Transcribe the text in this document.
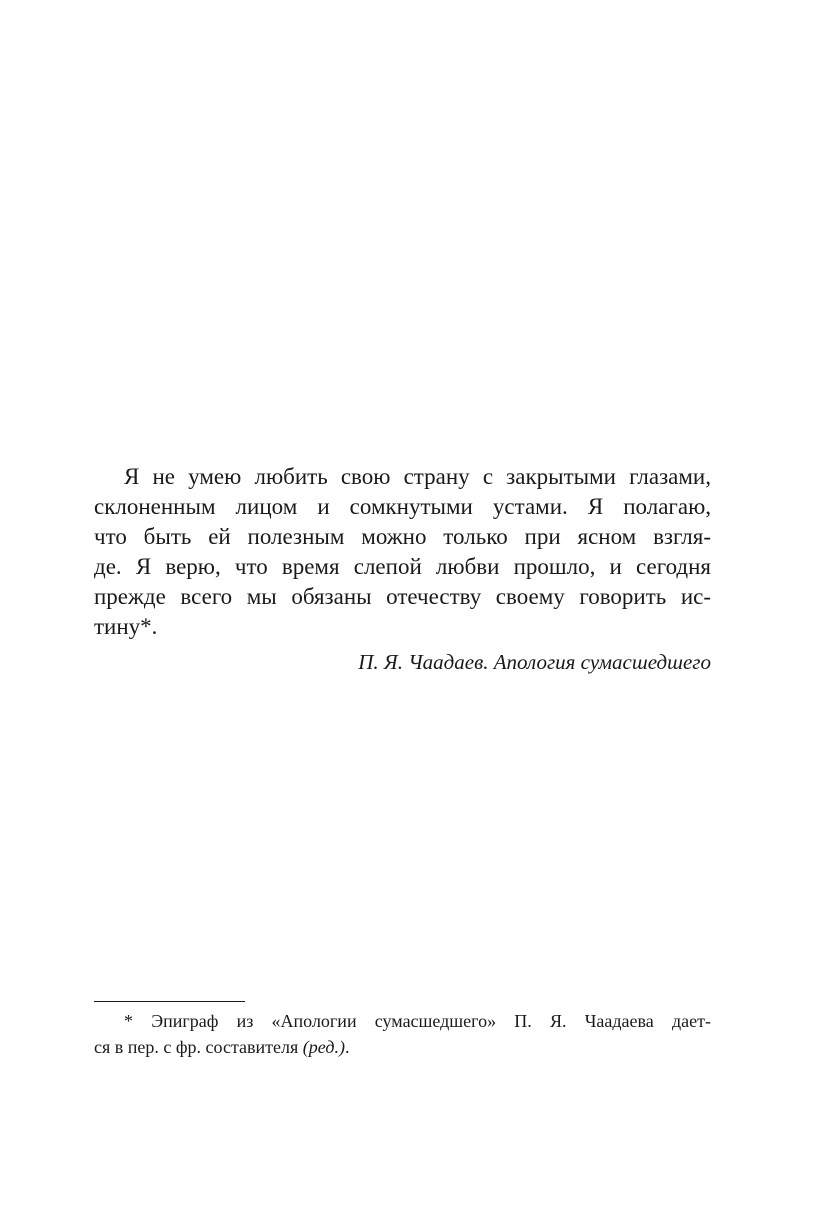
Я не умею любить свою страну с закрытыми глазами,
склоненным лицом и сомкнутыми устами. Я полагаю,
что быть ей полезным можно только при ясном взгля-
де. Я верю, что время слепой любви прошло, и сегодня
прежде всего мы обязаны отечеству своему говорить ис-
тину*.
П. Я. Чаадаев. Апология сумасшедшего
* Эпиграф из «Апологии сумасшедшего» П. Я. Чаадаева дает-
ся в пер. с фр. составителя (ред.).
